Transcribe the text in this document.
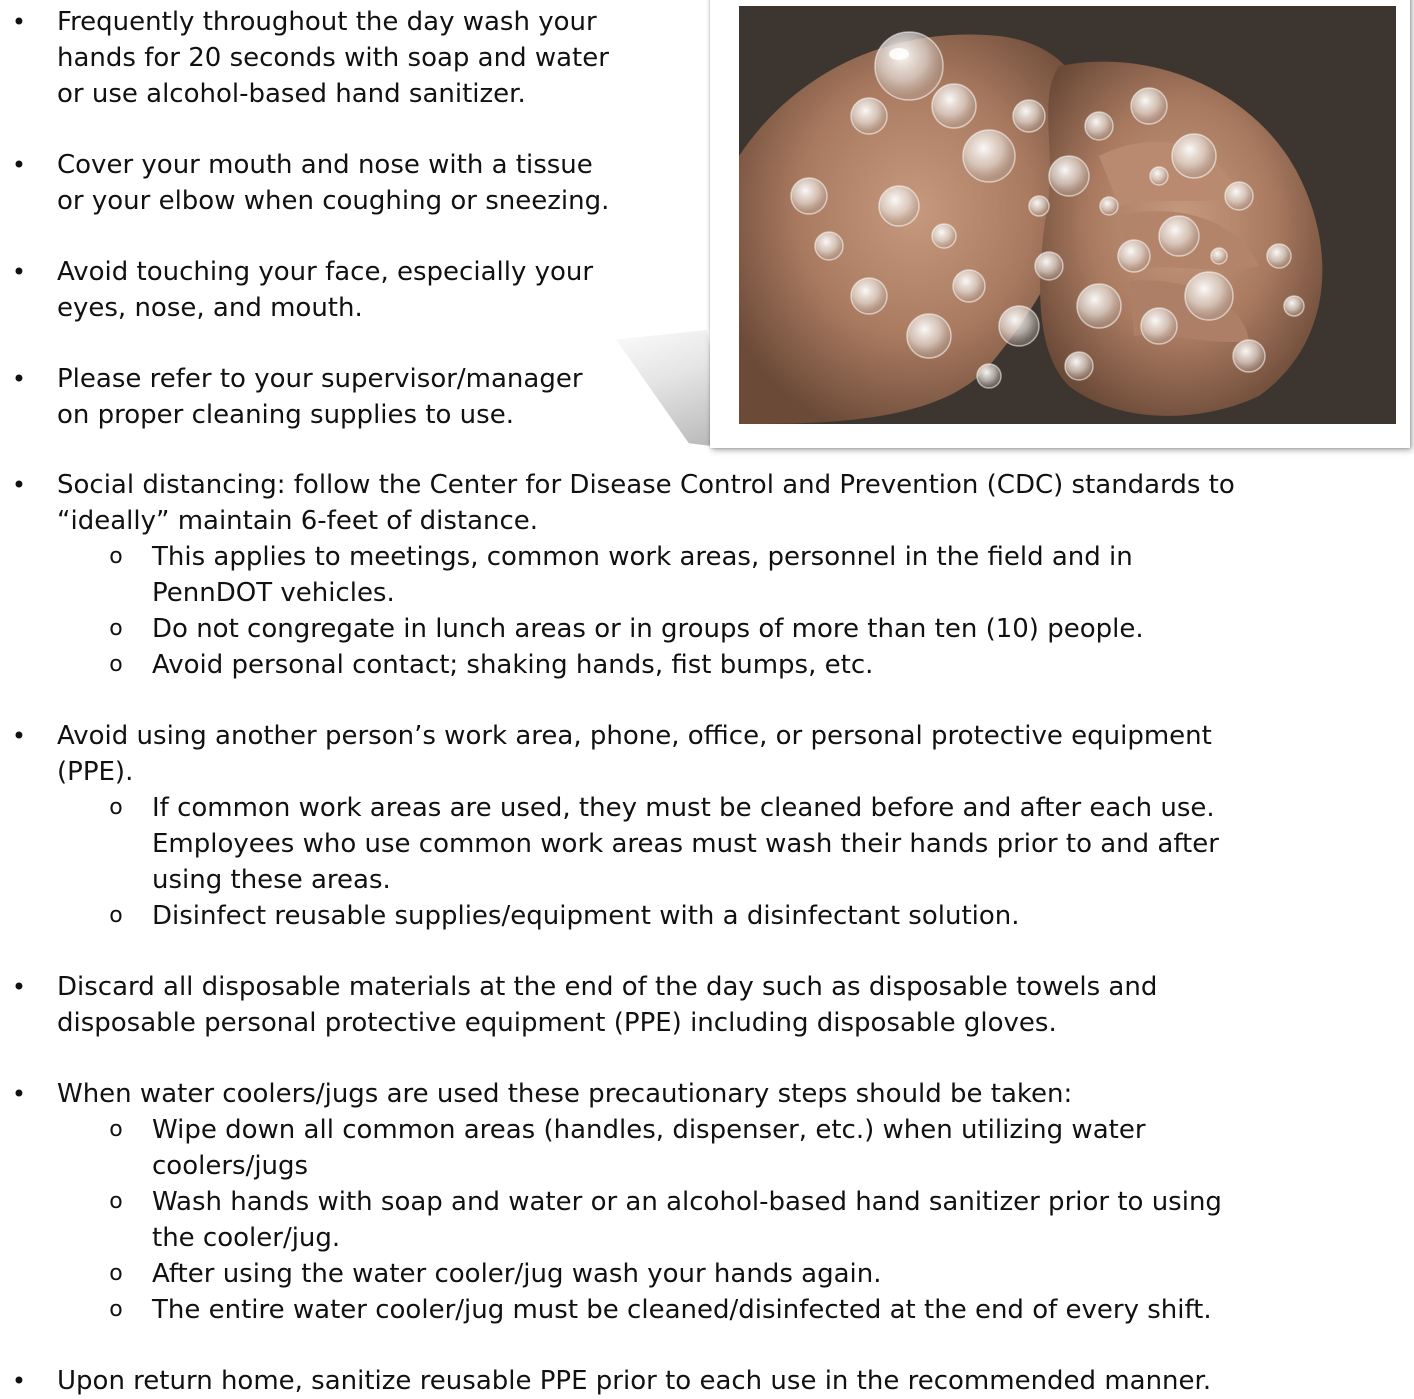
• Frequently throughout the day wash your
hands for 20 seconds with soap and water
or use alcohol-based hand sanitizer.
• Cover your mouth and nose with a tissue
or your elbow when coughing or sneezing.
• Avoid touching your face, especially your
eyes, nose, and mouth.
• Please refer to your supervisor/manager
on proper cleaning supplies to use.
• Social distancing: follow the Center for Disease Control and Prevention (CDC) standards to
“ideally” maintain 6-feet of distance.
o This applies to meetings, common work areas, personnel in the field and in
PennDOT vehicles.
o Do not congregate in lunch areas or in groups of more than ten (10) people.
o Avoid personal contact; shaking hands, fist bumps, etc.
• Avoid using another person’s work area, phone, office, or personal protective equipment
(PPE).
o If common work areas are used, they must be cleaned before and after each use.
Employees who use common work areas must wash their hands prior to and after
using these areas.
o Disinfect reusable supplies/equipment with a disinfectant solution.
• Discard all disposable materials at the end of the day such as disposable towels and
disposable personal protective equipment (PPE) including disposable gloves.
• When water coolers/jugs are used these precautionary steps should be taken:
o Wipe down all common areas (handles, dispenser, etc.) when utilizing water
coolers/jugs
o Wash hands with soap and water or an alcohol-based hand sanitizer prior to using
the cooler/jug.
o After using the water cooler/jug wash your hands again.
o The entire water cooler/jug must be cleaned/disinfected at the end of every shift.
• Upon return home, sanitize reusable PPE prior to each use in the recommended manner.
